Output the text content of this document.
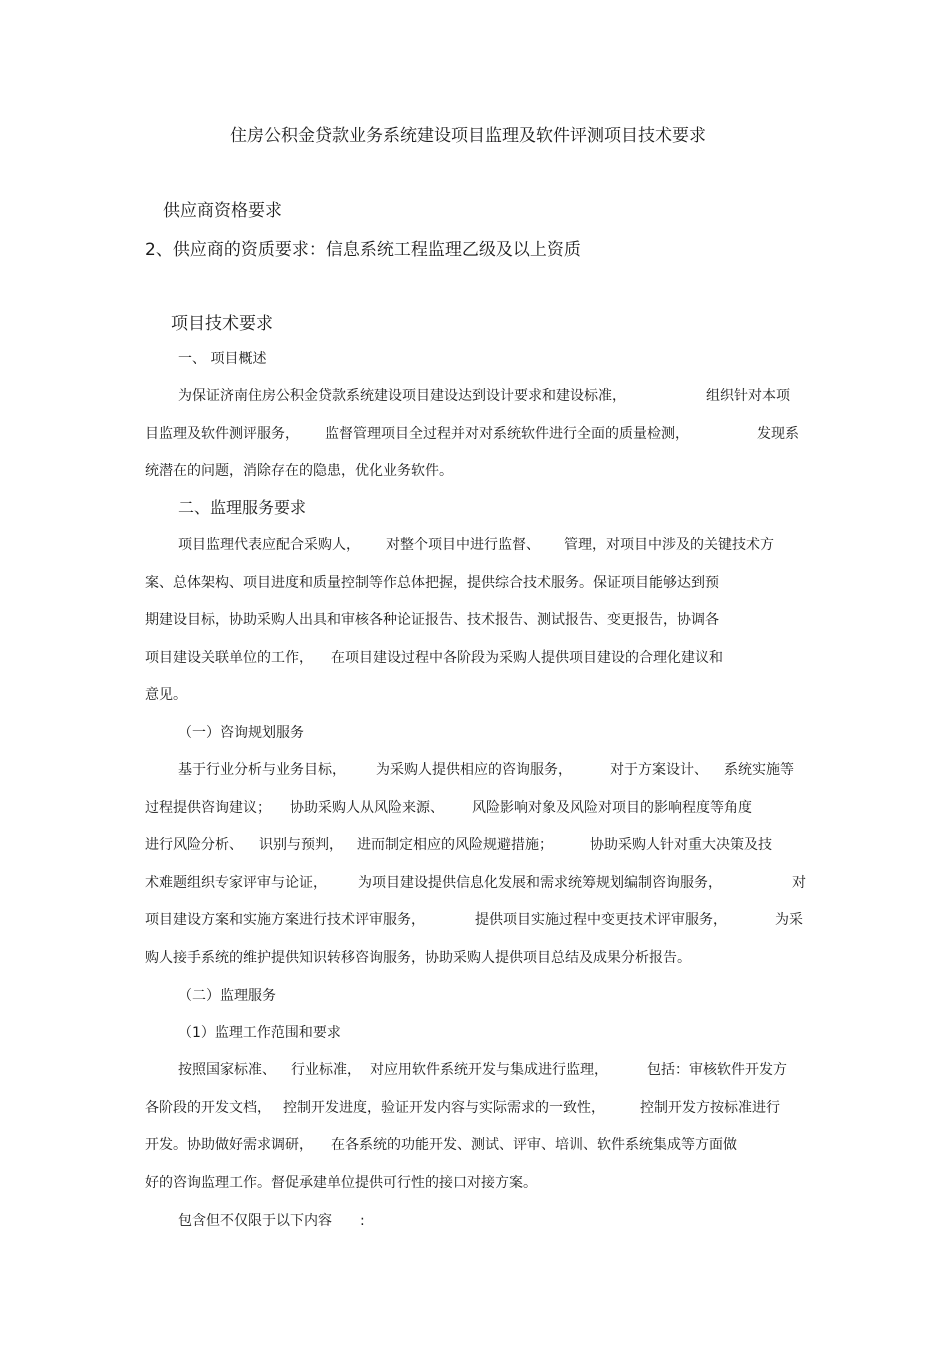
住房公积金贷款业务系统建设项目监理及软件评测项目技术要求
供应商资格要求
2、供应商的资质要求：信息系统工程监理乙级及以上资质
项目技术要求
一、 项目概述
为保证济南住房公积金贷款系统建设项目建设达到设计要求和建设标准，	组织针对本项
目监理及软件测评服务， 监督管理项目全过程并对对系统软件进行全面的质量检测，	发现系
统潜在的问题，消除存在的隐患，优化业务软件。
二、监理服务要求
项目监理代表应配合采购人， 对整个项目中进行监督、 管理，对项目中涉及的关键技术方
案、总体架构、项目进度和质量控制等作总体把握，提供综合技术服务。保证项目能够达到预
期建设目标，协助采购人出具和审核各种论证报告、技术报告、测试报告、变更报告，协调各
项目建设关联单位的工作， 在项目建设过程中各阶段为采购人提供项目建设的合理化建议和
意见。
（一）咨询规划服务
基于行业分析与业务目标， 为采购人提供相应的咨询服务，	对于方案设计、 系统实施等
过程提供咨询建议； 协助采购人从风险来源、 风险影响对象及风险对项目的影响程度等角度
进行风险分析、 识别与预判， 进而制定相应的风险规避措施；	协助采购人针对重大决策及技
术难题组织专家评审与论证， 为项目建设提供信息化发展和需求统筹规划编制咨询服务，	对
项目建设方案和实施方案进行技术评审服务，	提供项目实施过程中变更技术评审服务，	为采
购人接手系统的维护提供知识转移咨询服务，协助采购人提供项目总结及成果分析报告。
（二）监理服务
（1）监理工作范围和要求
按照国家标准、 行业标准， 对应用软件系统开发与集成进行监理，	包括：审核软件开发方
各阶段的开发文档， 控制开发进度，验证开发内容与实际需求的一致性，	控制开发方按标准进行
开发。协助做好需求调研， 在各系统的功能开发、测试、评审、培训、软件系统集成等方面做
好的咨询监理工作。督促承建单位提供可行性的接口对接方案。
包含但不仅限于以下内容 :
